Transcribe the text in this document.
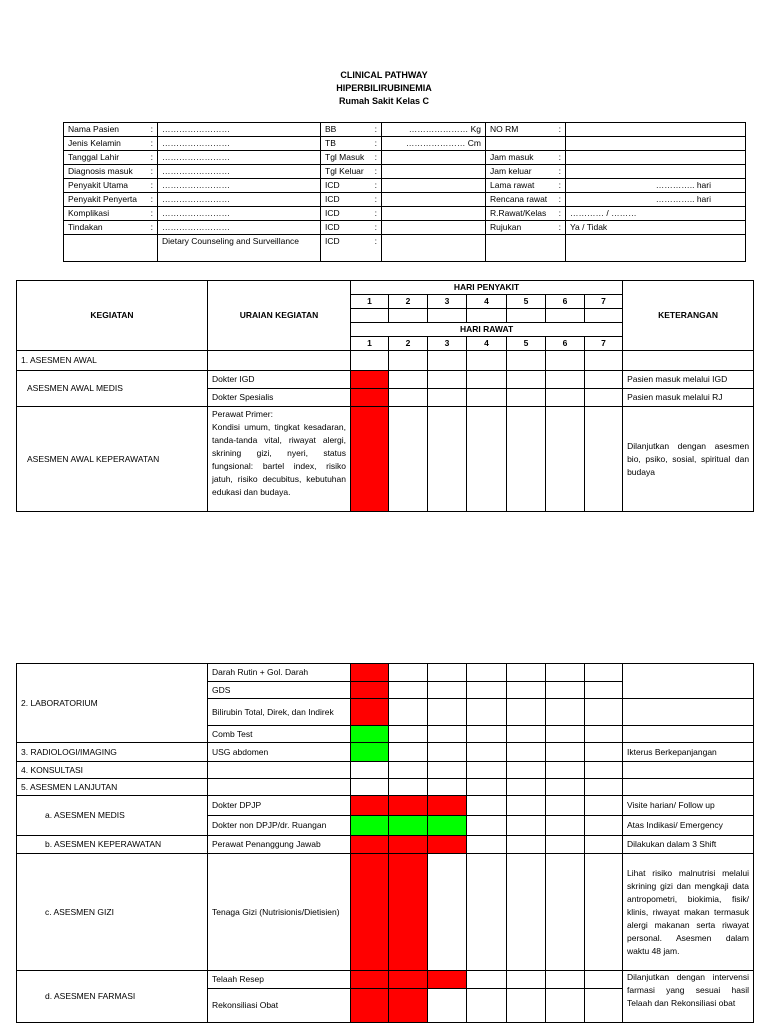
CLINICAL PATHWAY
HIPERBILIRUBINEMIA
Rumah Sakit Kelas C
Nama Pasien :	……………………	BB :	………………… Kg	NO RM :	

Jenis Kelamin :	……………………	TB :	………………… Cm		

Tanggal Lahir :	……………………	Tgl Masuk :		Jam masuk :	

Diagnosis masuk :	……………………	Tgl Keluar :		Jam keluar :	

Penyakit Utama :	……………………	ICD :		Lama rawat :	………….. hari

Penyakit Penyerta :	……………………	ICD :		Rencana rawat :	………….. hari

Komplikasi :	……………………	ICD :		R.Rawat/Kelas :	………… / ………

Tindakan :	……………………	ICD :		Rujukan :	Ya / Tidak
	Dietary Counseling and Surveillance	ICD :			

KEGIATAN	URAIAN KEGIATAN	HARI PENYAKIT							KETERANGAN
		1	2	3	4	5	6	7	

		HARI RAWAT							
		1	2	3	4	5	6	7	
1. ASESMEN AWAL									
ASESMEN AWAL MEDIS	Dokter IGD								Pasien masuk melalui IGD
	Dokter Spesialis								Pasien masuk melalui RJ
ASESMEN AWAL KEPERAWATAN	Perawat Primer:
Kondisi umum, tingkat kesadaran, tanda-tanda vital, riwayat alergi, skrining gizi, nyeri, status fungsional: bartel index, risiko jatuh, risiko decubitus, kebutuhan edukasi dan budaya.								Dilanjutkan dengan asesmen bio, psiko, sosial, spiritual dan budaya
2. LABORATORIUM	Darah Rutin + Gol. Darah								
	GDS								
	Bilirubin Total, Direk, dan Indirek								
	Comb Test								
3. RADIOLOGI/IMAGING	USG abdomen								Ikterus Berkepanjangan
4. KONSULTASI									
5. ASESMEN LANJUTAN									
a. ASESMEN MEDIS	Dokter DPJP								Visite harian/ Follow up
	Dokter non DPJP/dr. Ruangan								Atas Indikasi/ Emergency
b. ASESMEN KEPERAWATAN	Perawat Penanggung Jawab								Dilakukan dalam 3 Shift
c. ASESMEN GIZI	Tenaga Gizi (Nutrisionis/Dietisien)								Lihat risiko malnutrisi melalui skrining gizi dan mengkaji data antropometri, biokimia, fisik/ klinis, riwayat makan termasuk alergi makanan serta riwayat personal. Asesmen dalam waktu 48 jam.
d. ASESMEN FARMASI	Telaah Resep								Dilanjutkan dengan intervensi farmasi yang sesuai hasil Telaah dan Rekonsiliasi obat
	Rekonsiliasi Obat								
